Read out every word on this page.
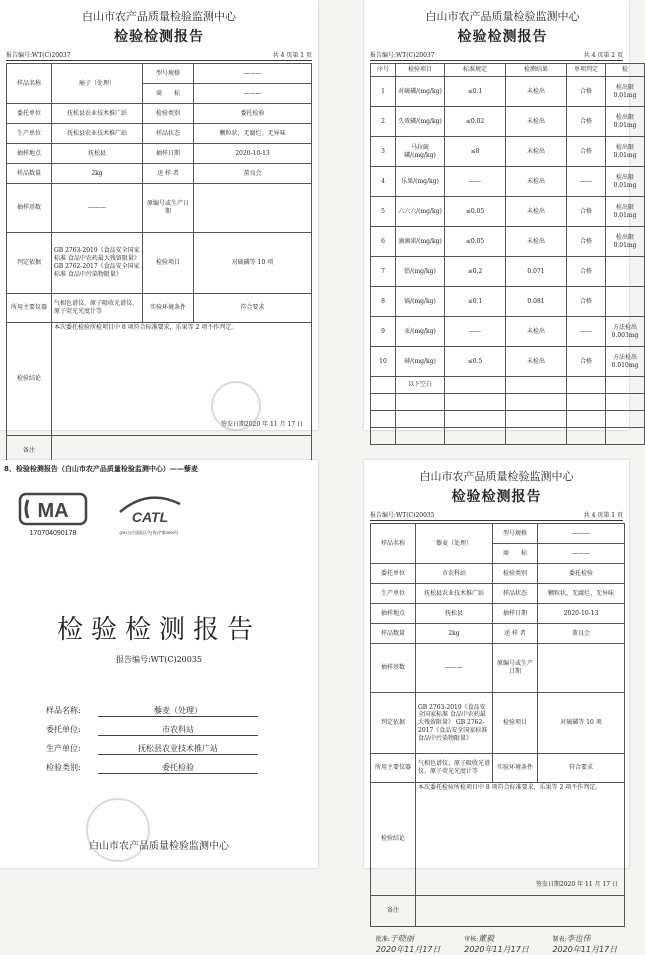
白山市农产品质量检验监测中心
检验检测报告
报告编号:WT(C)20037	共 4 页第 1 页
样品名称	瘊子（处理）	型号规格	———
		商　　标	———
委托单位	抚松县农业技术推广站	检验类别	委托检验
生产单位	抚松县农业技术推广站	样品状态	颗粒状、无腐烂、无异味
抽样地点	抚松县	抽样日期	2020-10-13
样品数量	2kg	送 样 者	董良会
抽样基数	———	原编号或生产日期	
判定依据	GB 2763-2019《食品安全国家标准 食品中农药最大残留限量》 GB 2762-2017《食品安全国家标准 食品中污染物限量》	检验项目	对硫磷等 10 项
所用主要仪器	气相色谱仪、原子吸收光谱仪、原子荧光光度计等	实验环境条件	符合要求
检验结论	本次委托检验所检项目中 8 项符合标准要求，乐果等 2 项不作判定。
签发日期2020 年 11 月 17 日		

备注			

白山市农产品质量检验监测中心
检验检测报告
报告编号:WT(C)20037	共 4 页第 2 页
序号	检验项目	标准规定	检测结果	单项判定	检
1	对硫磷/(mg/kg)	≤0.1	未检出	合格	检出限 0.01mg
2	久效磷/(mg/kg)	≤0.02	未检出	合格	检出限 0.01mg
3	马拉硫磷/(mg/kg)	≤8	未检出	合格	检出限 0.01mg
4	乐果/(mg/kg)	——	未检出	——	检出限 0.01mg
5	六六六/(mg/kg)	≤0.05	未检出	合格	检出限 0.01mg
6	滴滴涕/(mg/kg)	≤0.05	未检出	合格	检出限 0.01mg
7	铅/(mg/kg)	≤0.2	0.071	合格	
8	镉/(mg/kg)	≤0.1	0.081	合格	
9	汞/(mg/kg)	——	未检出	——	方法检出 0.003mg
10	砷/(mg/kg)	≤0.5	未检出	合格	方法检出 0.010mg
	以下空白				

8、检验检测报告（白山市农产品质量检验监测中心）——藜麦
MA
170704090178
CATL
(2017)吉质监认字(资)字第0009号
检验检测报告
报告编号:WT(C)20035
样品名称:	藜麦（处理）
委托单位:	市农科站
生产单位:	抚松县农业技术推广站
检验类别:	委托检验
白山市农产品质量检验监测中心
白山市农产品质量检验监测中心
检验检测报告
报告编号:WT(C)20035	共 4 页第 1 页
样品名称	藜麦（处理）	型号规格	———
		商　　标	———
委托单位	市农科站	检验类别	委托检验
生产单位	抚松县农业技术推广站	样品状态	颗粒状、无腐烂、无异味
抽样地点	抚松县	抽样日期	2020-10-13
样品数量	2kg	送 样 者	董良会
抽样基数	———	原编号或生产日期	
判定依据	GB 2763-2019《食品安全国家标准 食品中农药最大残留限量》 GB 2762-2017《食品安全国家标准 食品中污染物限量》	检验项目	对硫磷等 10 项
所用主要仪器	气相色谱仪、原子吸收光谱仪、原子荧光光度计等	实验环境条件	符合要求
检验结论	本次委托检验所检项目中 8 项符合标准要求，乐果等 2 项不作判定。
签发日期2020 年 11 月 17 日		

备注			
批准:于晓丽
2020年11月17日
审核:董毅
2020年11月17日
制表:李也伟
2020年11月17日
